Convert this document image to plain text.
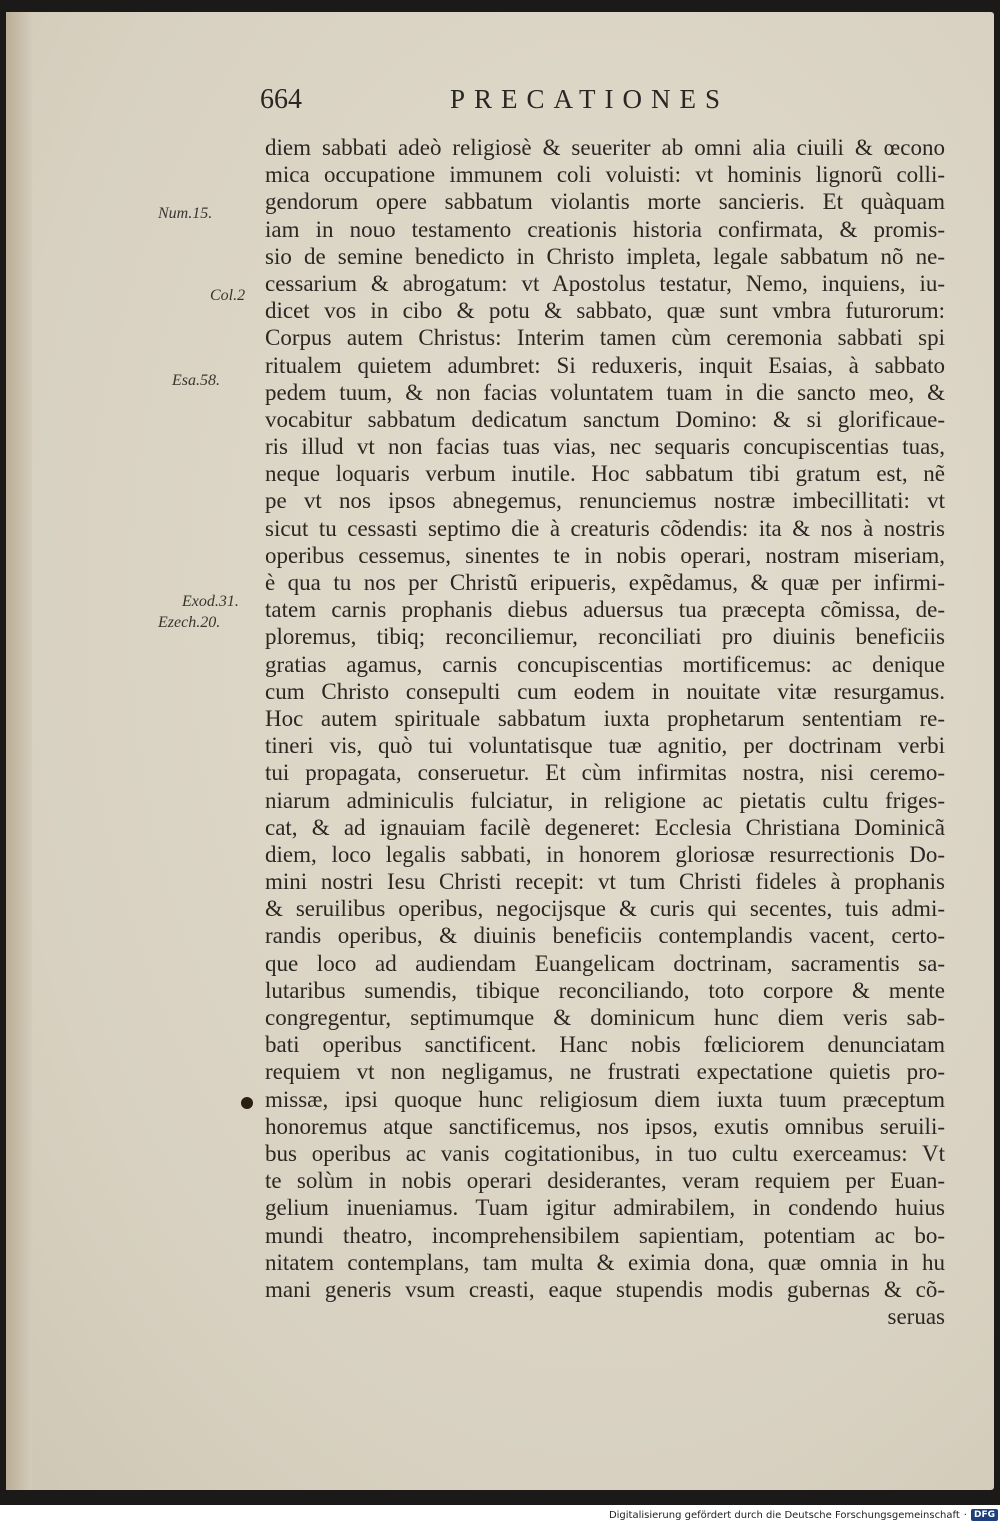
664	PRECATIONES
Num.15.
Col.2
Esa.58.
Exod.31.
Ezech.20.
diem sabbati adeò religiosè & seueriter ab omni alia ciuili & œcono
mica occupatione immunem coli voluisti: vt hominis lignorũ colli-
gendorum opere sabbatum violantis morte sancieris. Et quàquam
iam in nouo testamento creationis historia confirmata, & promis-
sio de semine benedicto in Christo impleta, legale sabbatum nõ ne-
cessarium & abrogatum: vt Apostolus testatur, Nemo, inquiens, iu-
dicet vos in cibo & potu & sabbato, quæ sunt vmbra futurorum:
Corpus autem Christus: Interim tamen cùm ceremonia sabbati spi
ritualem quietem adumbret: Si reduxeris, inquit Esaias, à sabbato
pedem tuum, & non facias voluntatem tuam in die sancto meo, &
vocabitur sabbatum dedicatum sanctum Domino: & si glorificaue-
ris illud vt non facias tuas vias, nec sequaris concupiscentias tuas,
neque loquaris verbum inutile. Hoc sabbatum tibi gratum est, nẽ
pe vt nos ipsos abnegemus, renunciemus nostræ imbecillitati: vt
sicut tu cessasti septimo die à creaturis cõdendis: ita & nos à nostris
operibus cessemus, sinentes te in nobis operari, nostram miseriam,
è qua tu nos per Christũ eripueris, expẽdamus, & quæ per infirmi-
tatem carnis prophanis diebus aduersus tua præcepta cõmissa, de-
ploremus, tibiq; reconciliemur, reconciliati pro diuinis beneficiis
gratias agamus, carnis concupiscentias mortificemus: ac denique
cum Christo consepulti cum eodem in nouitate vitæ resurgamus.
Hoc autem spirituale sabbatum iuxta prophetarum sententiam re-
tineri vis, quò tui voluntatisque tuæ agnitio, per doctrinam verbi
tui propagata, conseruetur. Et cùm infirmitas nostra, nisi ceremo-
niarum adminiculis fulciatur, in religione ac pietatis cultu friges-
cat, & ad ignauiam facilè degeneret: Ecclesia Christiana Dominicã
diem, loco legalis sabbati, in honorem gloriosæ resurrectionis Do-
mini nostri Iesu Christi recepit: vt tum Christi fideles à prophanis
& seruilibus operibus, negocijsque & curis qui secentes, tuis admi-
randis operibus, & diuinis beneficiis contemplandis vacent, certo-
que loco ad audiendam Euangelicam doctrinam, sacramentis sa-
lutaribus sumendis, tibique reconciliando, toto corpore & mente
congregentur, septimumque & dominicum hunc diem veris sab-
bati operibus sanctificent. Hanc nobis fœliciorem denunciatam
requiem vt non negligamus, ne frustrati expectatione quietis pro-
missæ, ipsi quoque hunc religiosum diem iuxta tuum præceptum
honoremus atque sanctificemus, nos ipsos, exutis omnibus seruili-
bus operibus ac vanis cogitationibus, in tuo cultu exerceamus: Vt
te solùm in nobis operari desiderantes, veram requiem per Euan-
gelium inueniamus. Tuam igitur admirabilem, in condendo huius
mundi theatro, incomprehensibilem sapientiam, potentiam ac bo-
nitatem contemplans, tam multa & eximia dona, quæ omnia in hu
mani generis vsum creasti, eaque stupendis modis gubernas & cõ-
seruas
Digitalisierung gefördert durch die Deutsche Forschungsgemeinschaft · DFG
